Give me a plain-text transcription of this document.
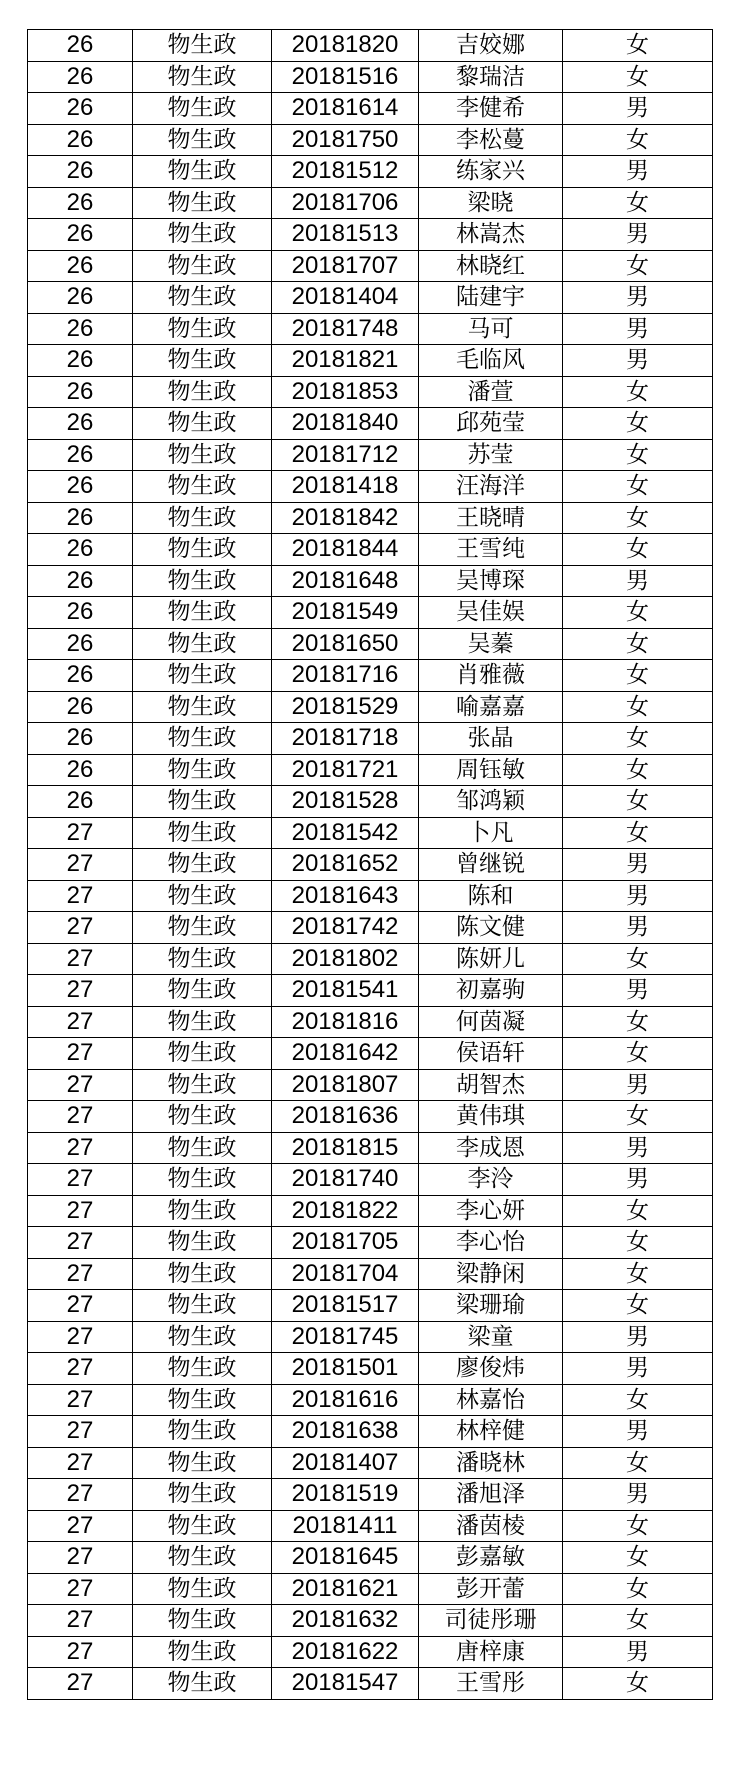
26	物生政	20181820	吉姣娜	女
26	物生政	20181516	黎瑞洁	女
26	物生政	20181614	李健希	男
26	物生政	20181750	李松蔓	女
26	物生政	20181512	练家兴	男
26	物生政	20181706	梁晓	女
26	物生政	20181513	林嵩杰	男
26	物生政	20181707	林晓红	女
26	物生政	20181404	陆建宇	男
26	物生政	20181748	马可	男
26	物生政	20181821	毛临风	男
26	物生政	20181853	潘萱	女
26	物生政	20181840	邱苑莹	女
26	物生政	20181712	苏莹	女
26	物生政	20181418	汪海洋	女
26	物生政	20181842	王晓晴	女
26	物生政	20181844	王雪纯	女
26	物生政	20181648	吴博琛	男
26	物生政	20181549	吴佳娱	女
26	物生政	20181650	吴蓁	女
26	物生政	20181716	肖雅薇	女
26	物生政	20181529	喻嘉嘉	女
26	物生政	20181718	张晶	女
26	物生政	20181721	周钰敏	女
26	物生政	20181528	邹鸿颖	女
27	物生政	20181542	卜凡	女
27	物生政	20181652	曾继锐	男
27	物生政	20181643	陈和	男
27	物生政	20181742	陈文健	男
27	物生政	20181802	陈妍儿	女
27	物生政	20181541	初嘉驹	男
27	物生政	20181816	何茵凝	女
27	物生政	20181642	侯语轩	女
27	物生政	20181807	胡智杰	男
27	物生政	20181636	黄伟琪	女
27	物生政	20181815	李成恩	男
27	物生政	20181740	李泠	男
27	物生政	20181822	李心妍	女
27	物生政	20181705	李心怡	女
27	物生政	20181704	梁静闲	女
27	物生政	20181517	梁珊瑜	女
27	物生政	20181745	梁童	男
27	物生政	20181501	廖俊炜	男
27	物生政	20181616	林嘉怡	女
27	物生政	20181638	林梓健	男
27	物生政	20181407	潘晓林	女
27	物生政	20181519	潘旭泽	男
27	物生政	20181411	潘茵棱	女
27	物生政	20181645	彭嘉敏	女
27	物生政	20181621	彭开蕾	女
27	物生政	20181632	司徒彤珊	女
27	物生政	20181622	唐梓康	男
27	物生政	20181547	王雪彤	女
